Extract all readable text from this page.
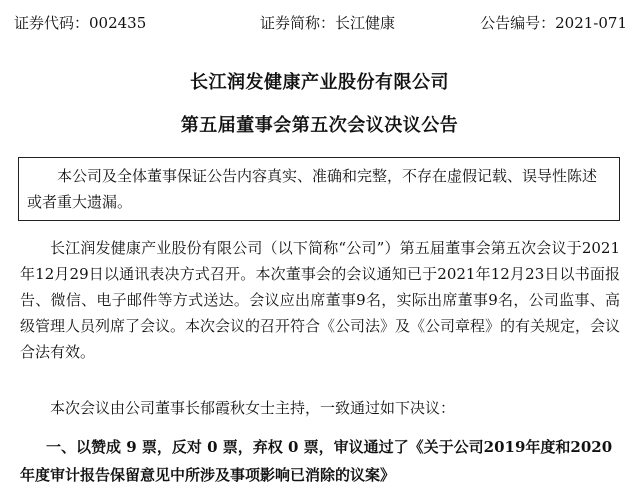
证券代码：002435	证券简称：长江健康	公告编号：2021-071
长江润发健康产业股份有限公司
第五届董事会第五次会议决议公告
本公司及全体董事保证公告内容真实、准确和完整，不存在虚假记载、误导性陈述或者重大遗漏。
长江润发健康产业股份有限公司（以下简称“公司”）第五届董事会第五次会议于2021年12月29日以通讯表决方式召开。本次董事会的会议通知已于2021年12月23日以书面报告、微信、电子邮件等方式送达。会议应出席董事9名，实际出席董事9名，公司监事、高级管理人员列席了会议。本次会议的召开符合《公司法》及《公司章程》的有关规定，会议合法有效。
本次会议由公司董事长郁霞秋女士主持，一致通过如下决议：
一、以赞成 9 票，反对 0 票，弃权 0 票，审议通过了《关于公司2019年度和2020年度审计报告保留意见中所涉及事项影响已消除的议案》
